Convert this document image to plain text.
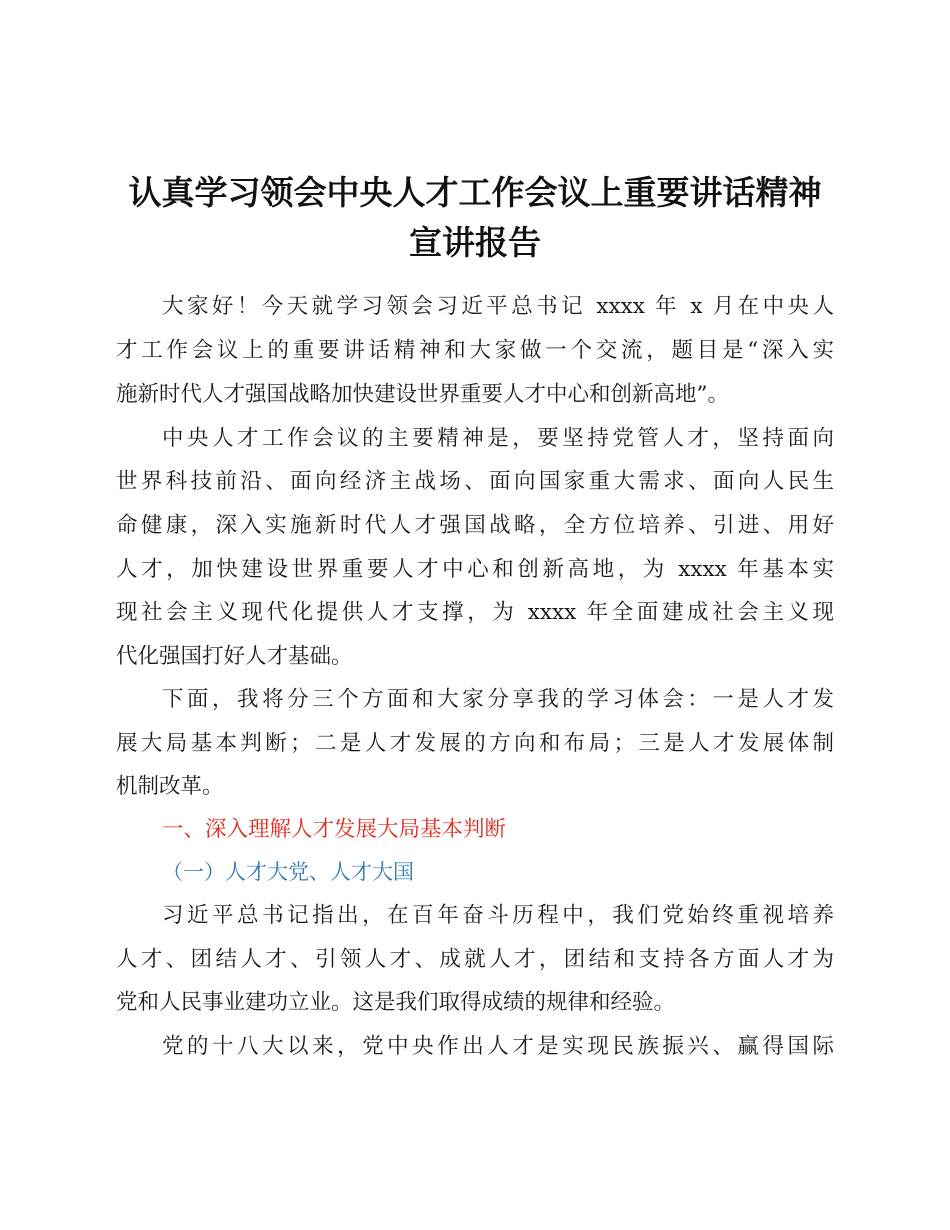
认真学习领会中央人才工作会议上重要讲话精神
宣讲报告
大家好！今天就学习领会习近平总书记 xxxx 年 x 月在中央人
才工作会议上的重要讲话精神和大家做一个交流，题目是“深入实
施新时代人才强国战略加快建设世界重要人才中心和创新高地”。
中央人才工作会议的主要精神是，要坚持党管人才，坚持面向
世界科技前沿、面向经济主战场、面向国家重大需求、面向人民生
命健康，深入实施新时代人才强国战略，全方位培养、引进、用好
人才，加快建设世界重要人才中心和创新高地，为 xxxx 年基本实
现社会主义现代化提供人才支撑，为 xxxx 年全面建成社会主义现
代化强国打好人才基础。
下面，我将分三个方面和大家分享我的学习体会：一是人才发
展大局基本判断；二是人才发展的方向和布局；三是人才发展体制
机制改革。
一、深入理解人才发展大局基本判断
（一）人才大党、人才大国
习近平总书记指出，在百年奋斗历程中，我们党始终重视培养
人才、团结人才、引领人才、成就人才，团结和支持各方面人才为
党和人民事业建功立业。这是我们取得成绩的规律和经验。
党的十八大以来，党中央作出人才是实现民族振兴、赢得国际
